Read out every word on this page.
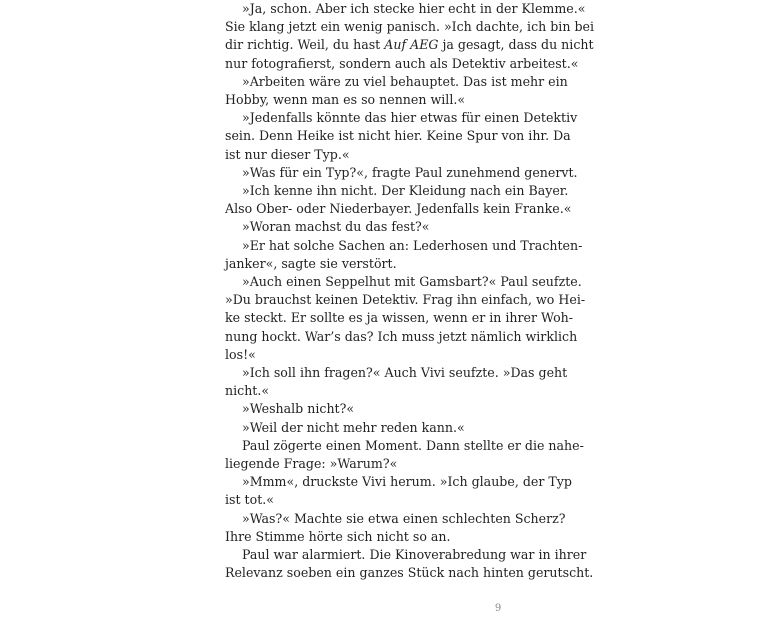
»Ja, schon. Aber ich stecke hier echt in der Klemme.«
Sie klang jetzt ein wenig panisch. »Ich dachte, ich bin bei
dir richtig. Weil, du hast Auf AEG ja gesagt, dass du nicht
nur fotografierst, sondern auch als Detektiv arbeitest.«
»Arbeiten wäre zu viel behauptet. Das ist mehr ein
Hobby, wenn man es so nennen will.«
»Jedenfalls könnte das hier etwas für einen Detektiv
sein. Denn Heike ist nicht hier. Keine Spur von ihr. Da
ist nur dieser Typ.«
»Was für ein Typ?«, fragte Paul zunehmend genervt.
»Ich kenne ihn nicht. Der Kleidung nach ein Bayer.
Also Ober- oder Niederbayer. Jedenfalls kein Franke.«
»Woran machst du das fest?«
»Er hat solche Sachen an: Lederhosen und Trachten-
janker«, sagte sie verstört.
»Auch einen Seppelhut mit Gamsbart?« Paul seufzte.
»Du brauchst keinen Detektiv. Frag ihn einfach, wo Hei-
ke steckt. Er sollte es ja wissen, wenn er in ihrer Woh-
nung hockt. War’s das? Ich muss jetzt nämlich wirklich
los!«
»Ich soll ihn fragen?« Auch Vivi seufzte. »Das geht
nicht.«
»Weshalb nicht?«
»Weil der nicht mehr reden kann.«
Paul zögerte einen Moment. Dann stellte er die nahe-
liegende Frage: »Warum?«
»Mmm«, druckste Vivi herum. »Ich glaube, der Typ
ist tot.«
»Was?« Machte sie etwa einen schlechten Scherz?
Ihre Stimme hörte sich nicht so an.
Paul war alarmiert. Die Kinoverabredung war in ihrer
Relevanz soeben ein ganzes Stück nach hinten gerutscht.
9
